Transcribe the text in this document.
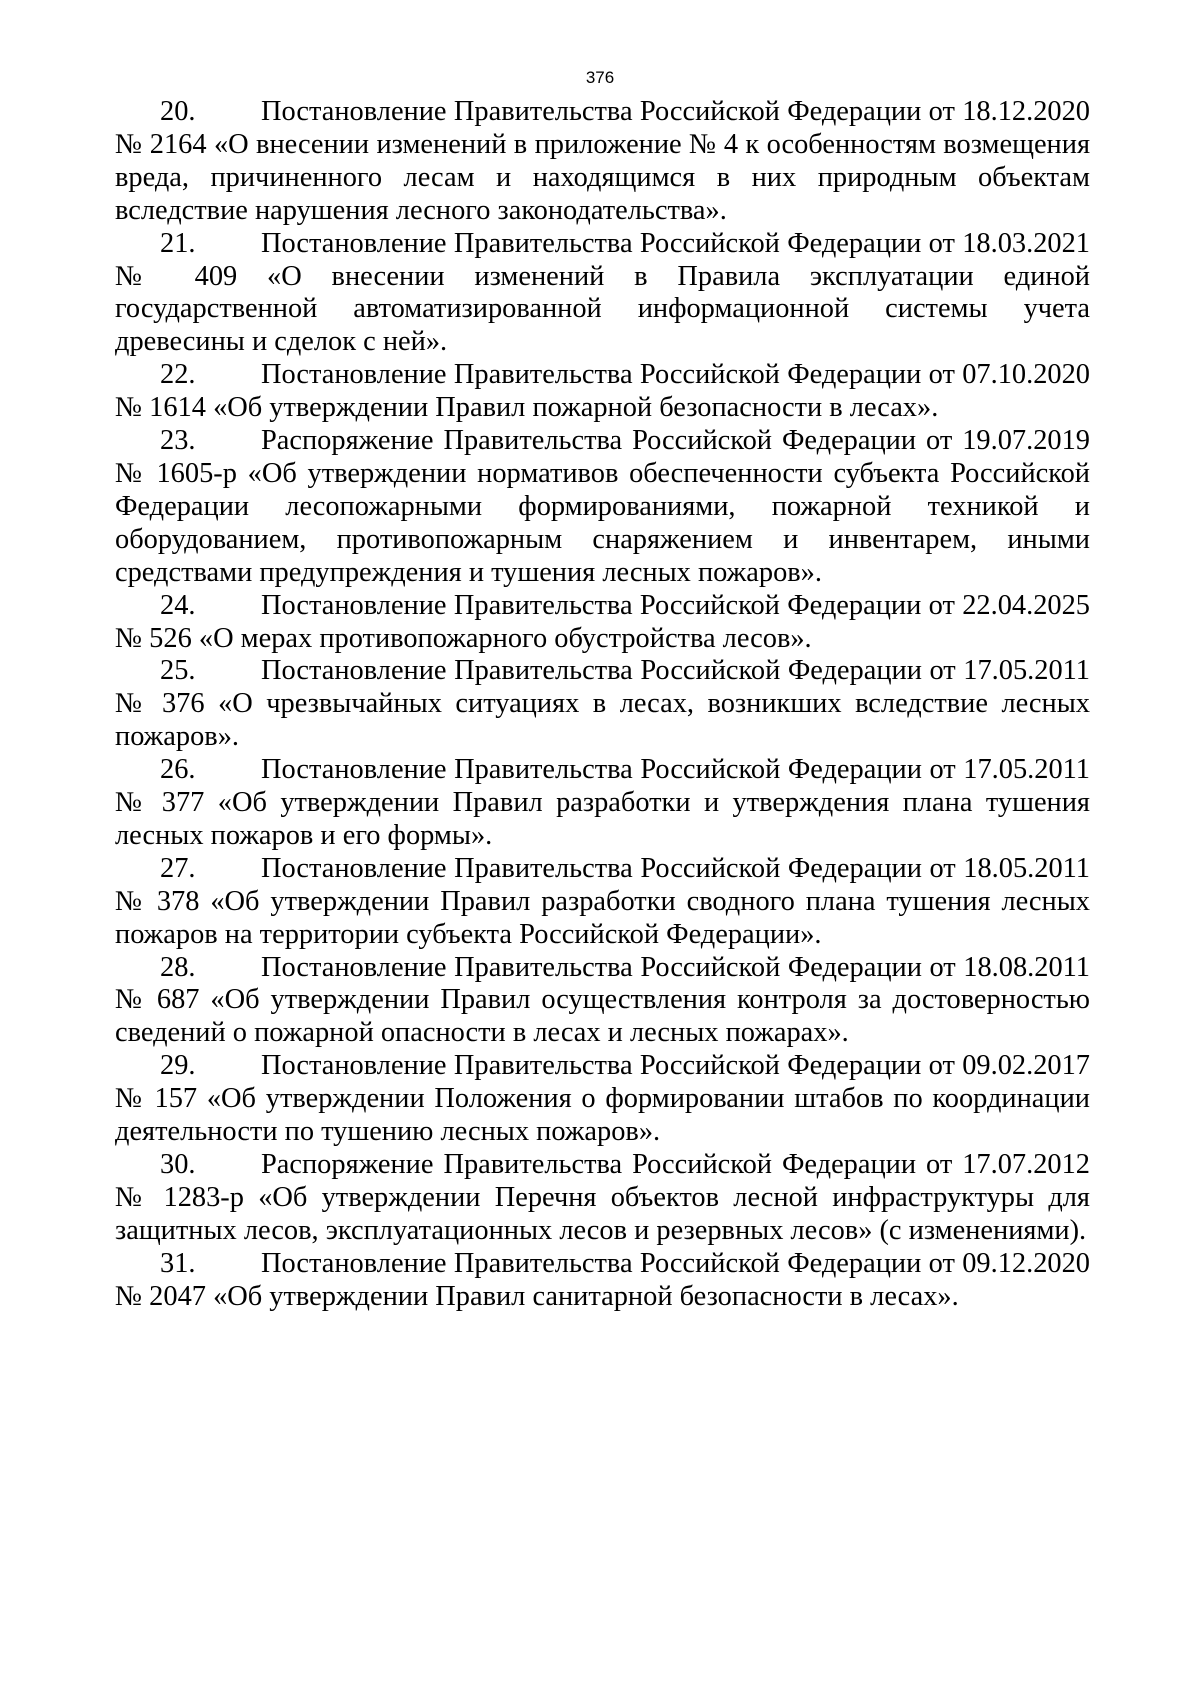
376

20. Постановление Правительства Российской Федерации от 18.12.2020 № 2164 «О внесении изменений в приложение № 4 к особенностям возмещения вреда, причиненного лесам и находящимся в них природным объектам вследствие нарушения лесного законодательства».

21. Постановление Правительства Российской Федерации от 18.03.2021 № 409 «О внесении изменений в Правила эксплуатации единой государственной автоматизированной информационной системы учета древесины и сделок с ней».

22. Постановление Правительства Российской Федерации от 07.10.2020 № 1614 «Об утверждении Правил пожарной безопасности в лесах».

23. Распоряжение Правительства Российской Федерации от 19.07.2019 № 1605-р «Об утверждении нормативов обеспеченности субъекта Российской Федерации лесопожарными формированиями, пожарной техникой и оборудованием, противопожарным снаряжением и инвентарем, иными средствами предупреждения и тушения лесных пожаров».

24. Постановление Правительства Российской Федерации от 22.04.2025 № 526 «О мерах противопожарного обустройства лесов».

25. Постановление Правительства Российской Федерации от 17.05.2011 № 376 «О чрезвычайных ситуациях в лесах, возникших вследствие лесных пожаров».

26. Постановление Правительства Российской Федерации от 17.05.2011 № 377 «Об утверждении Правил разработки и утверждения плана тушения лесных пожаров и его формы».

27. Постановление Правительства Российской Федерации от 18.05.2011 № 378 «Об утверждении Правил разработки сводного плана тушения лесных пожаров на территории субъекта Российской Федерации».

28. Постановление Правительства Российской Федерации от 18.08.2011 № 687 «Об утверждении Правил осуществления контроля за достоверностью сведений о пожарной опасности в лесах и лесных пожарах».

29. Постановление Правительства Российской Федерации от 09.02.2017 № 157 «Об утверждении Положения о формировании штабов по координации деятельности по тушению лесных пожаров».

30. Распоряжение Правительства Российской Федерации от 17.07.2012 № 1283-р «Об утверждении Перечня объектов лесной инфраструктуры для защитных лесов, эксплуатационных лесов и резервных лесов» (с изменениями).

31. Постановление Правительства Российской Федерации от 09.12.2020 № 2047 «Об утверждении Правил санитарной безопасности в лесах».
